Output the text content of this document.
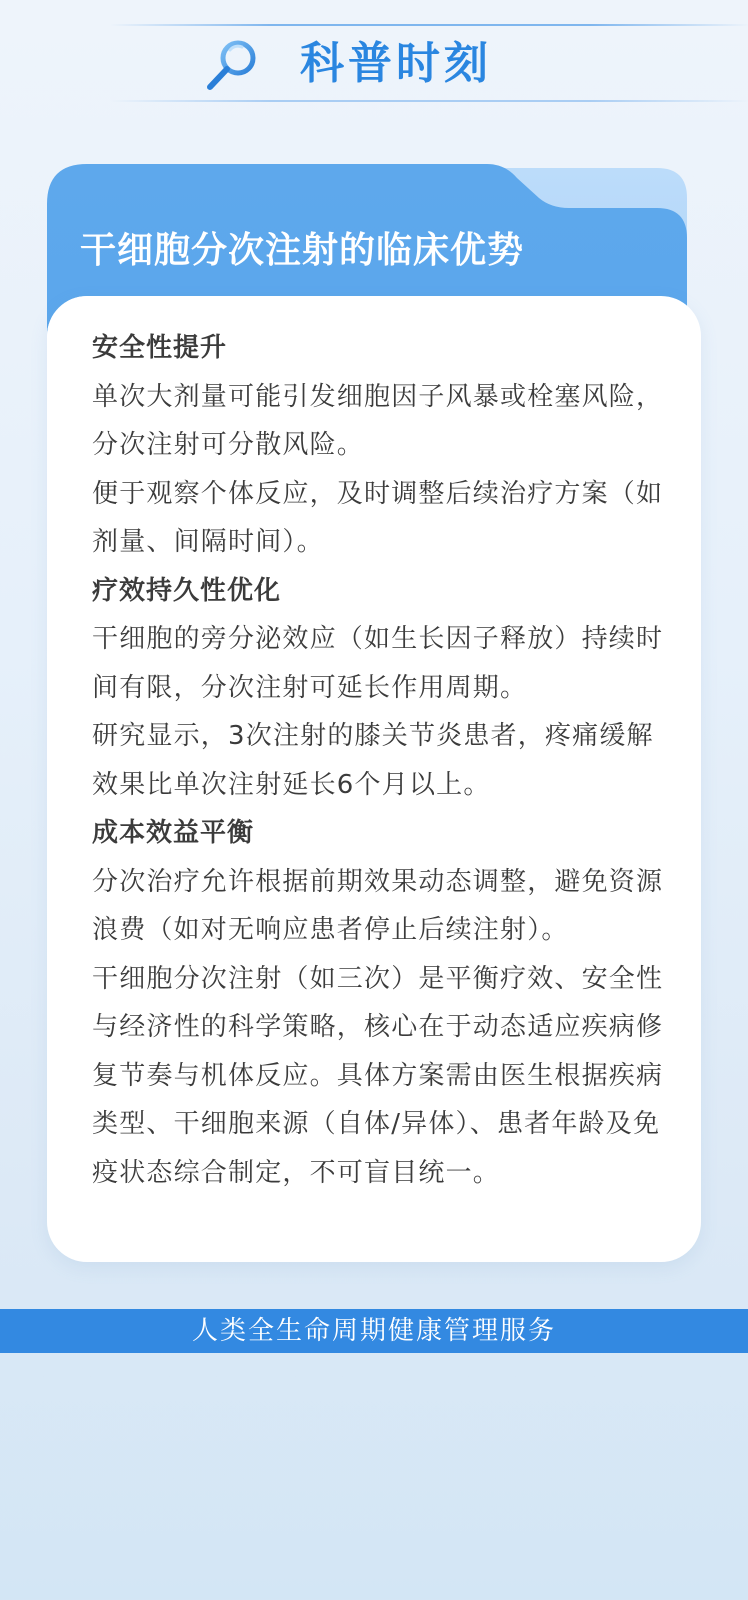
科普时刻
干细胞分次注射的临床优势

安全性提升

单次大剂量可能引发细胞因子风暴或栓塞风险，分次注射可分散风险。

便于观察个体反应，及时调整后续治疗方案（如剂量、间隔时间）。

疗效持久性优化

干细胞的旁分泌效应（如生长因子释放）持续时间有限，分次注射可延长作用周期。

研究显示，3次注射的膝关节炎患者，疼痛缓解效果比单次注射延长6个月以上。

成本效益平衡

分次治疗允许根据前期效果动态调整，避免资源浪费（如对无响应患者停止后续注射）。

干细胞分次注射（如三次）是平衡疗效、安全性与经济性的科学策略，核心在于动态适应疾病修复节奏与机体反应。具体方案需由医生根据疾病类型、干细胞来源（自体/异体）、患者年龄及免疫状态综合制定，不可盲目统一。

人类全生命周期健康管理服务
